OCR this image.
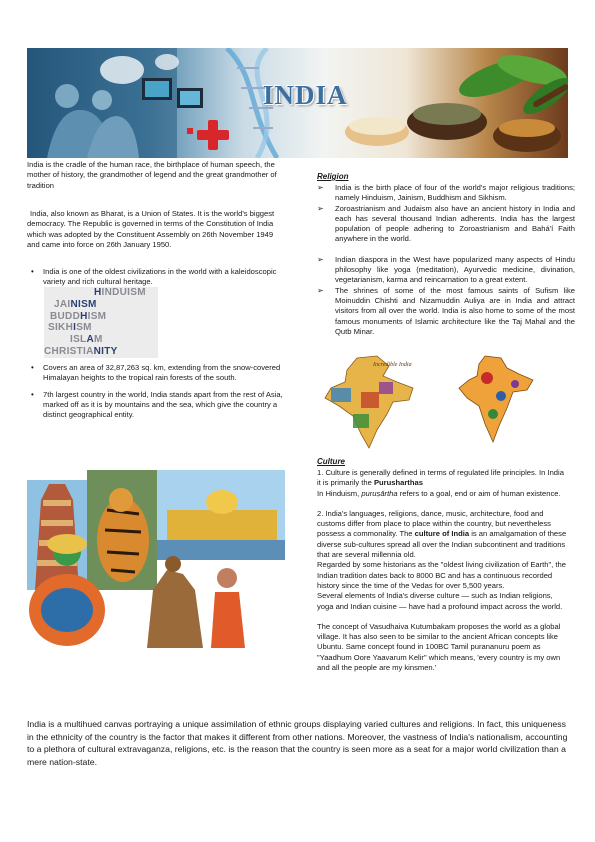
INDIA

India is the cradle of the human race, the birthplace of human speech, the mother of history, the grandmother of legend and the great grandmother of tradition

India, also known as Bharat, is a Union of States. It is the world's biggest democracy. The Republic is governed in terms of the Constitution of India which was adopted by the Constituent Assembly on 26th November 1949 and came into force on 26th January 1950.

• India is one of the oldest civilizations in the world with a kaleidoscopic variety and rich cultural heritage.
HINDUISM
JAINISM
BUDDHISM
SIKHISM
ISLAM
CHRISTIANITY
• Covers an area of 32,87,263 sq. km, extending from the snow-covered Himalayan heights to the tropical rain forests of the south.
• 7th largest country in the world, India stands apart from the rest of Asia, marked off as it is by mountains and the sea, which give the country a distinct geographical entity.

Religion

➢ India is the birth place of four of the world's major religious traditions; namely Hinduism, Jainism, Buddhism and Sikhism.
➢ Zoroastrianism and Judaism also have an ancient history in India and each has several thousand Indian adherents. India has the largest population of people adhering to Zoroastrianism and Bahá'í Faith anywhere in the world.
➢ Indian diaspora in the West have popularized many aspects of Hindu philosophy like yoga (meditation), Ayurvedic medicine, divination, vegetarianism, karma and reincarnation to a great extent.
➢ The shrines of some of the most famous saints of Sufism like Moinuddin Chishti and Nizamuddin Auliya are in India and attract visitors from all over the world. India is also home to some of the most famous monuments of Islamic architecture like the Taj Mahal and the Qutb Minar.
Incredible India

Culture

1. Culture is generally defined in terms of regulated life principles. In India it is primarily the Purusharthas
In Hinduism, puruṣārtha refers to a goal, end or aim of human existence.

2. India's languages, religions, dance, music, architecture, food and customs differ from place to place within the country, but nevertheless possess a commonality. The culture of India is an amalgamation of these diverse sub-cultures spread all over the Indian subcontinent and traditions that are several millennia old.
Regarded by some historians as the "oldest living civilization of Earth", the Indian tradition dates back to 8000 BC and has a continuous recorded history since the time of the Vedas for over 5,500 years.
Several elements of India's diverse culture — such as Indian religions, yoga and Indian cuisine — have had a profound impact across the world.

The concept of Vasudhaiva Kutumbakam proposes the world as a global village. It has also seen to be similar to the ancient African concepts like Ubuntu. Same concept found in 100BC Tamil purananuru poem as "Yaadhum Oore Yaavarum Kelir" which means, 'every country is my own and all the people are my kinsmen.'

India is a multihued canvas portraying a unique assimilation of ethnic groups displaying varied cultures and religions. In fact, this uniqueness in the ethnicity of the country is the factor that makes it different from other nations. Moreover, the vastness of India's nationalism, accounting to a plethora of cultural extravaganza, religions, etc. is the reason that the country is seen more as a seat for a major world civilization than a mere nation-state.
